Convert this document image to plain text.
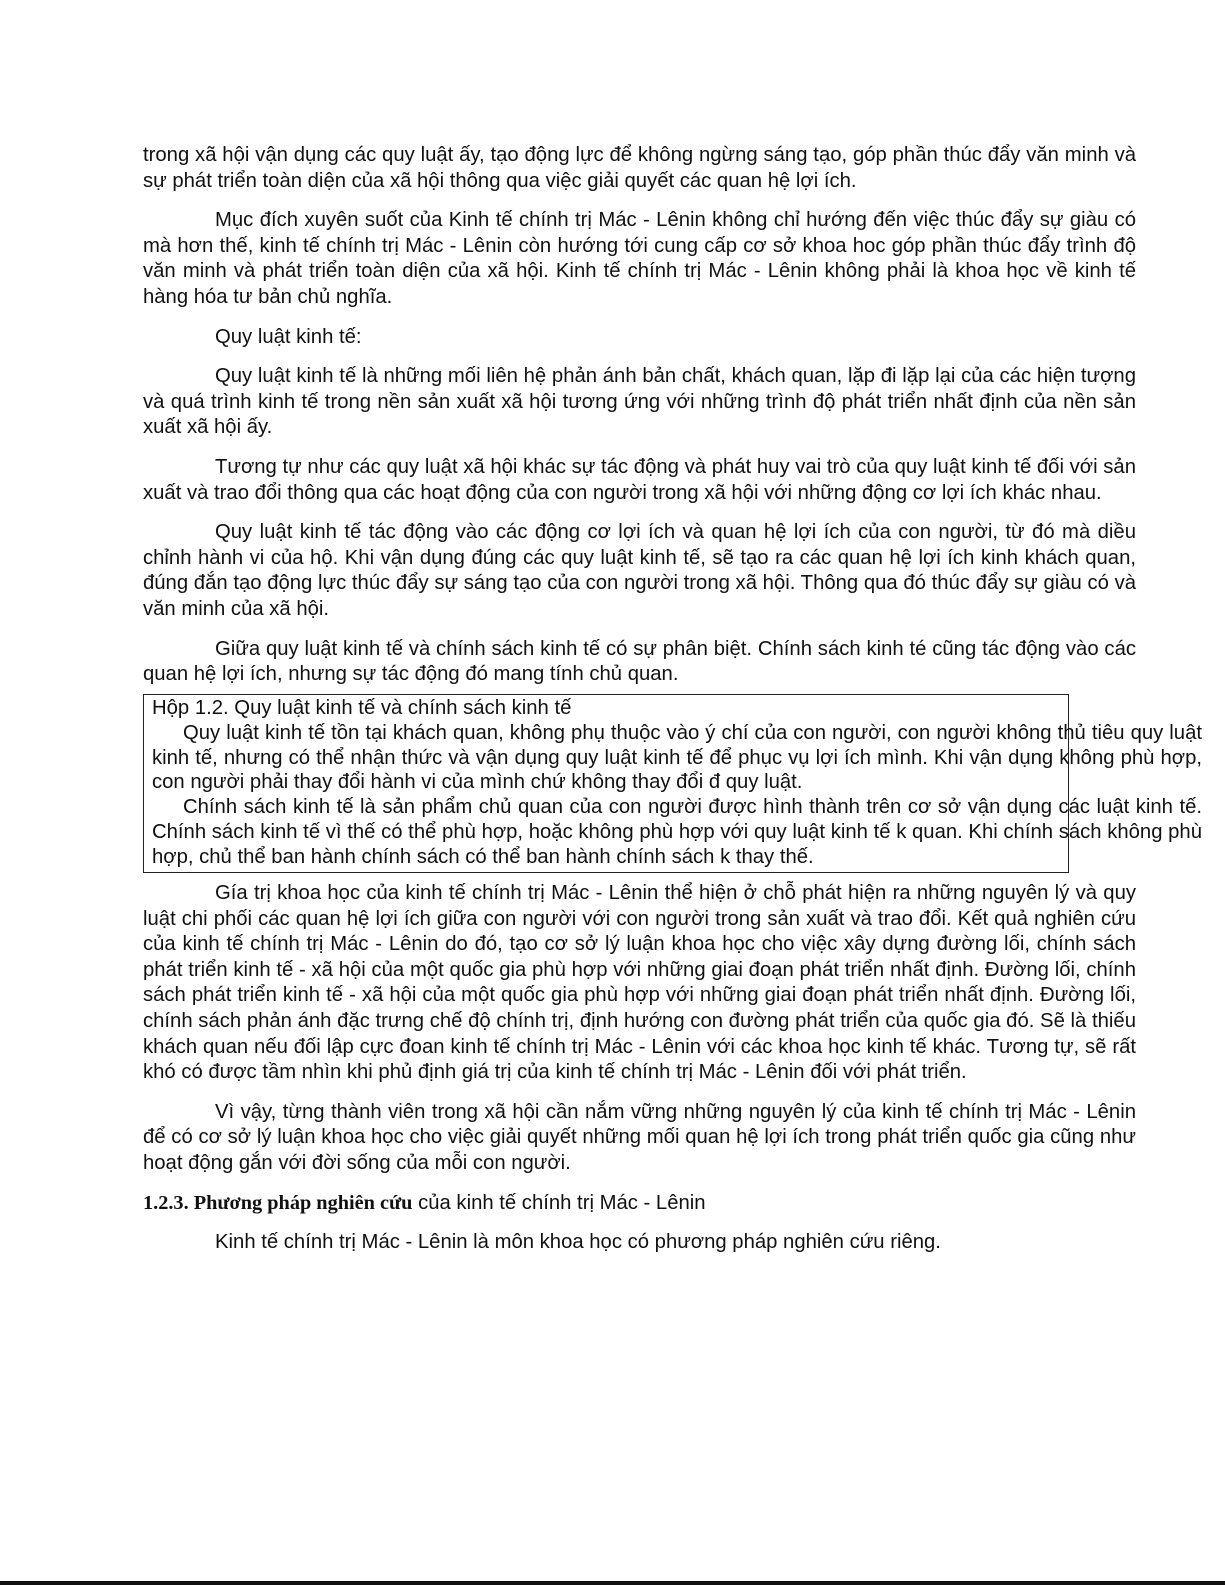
trong xã hội vận dụng các quy luật ấy, tạo động lực để không ngừng sáng tạo, góp phần thúc đẩy văn minh và sự phát triển toàn diện của xã hội thông qua việc giải quyết các quan hệ lợi ích.

Mục đích xuyên suốt của Kinh tế chính trị Mác - Lênin không chỉ hướng đến việc thúc đẩy sự giàu có mà hơn thế, kinh tế chính trị Mác - Lênin còn hướng tới cung cấp cơ sở khoa hoc góp phần thúc đẩy trình độ văn minh và phát triển toàn diện của xã hội. Kinh tế chính trị Mác - Lênin không phải là khoa học về kinh tế hàng hóa tư bản chủ nghĩa.

Quy luật kinh tế:

Quy luật kinh tế là những mối liên hệ phản ánh bản chất, khách quan, lặp đi lặp lại của các hiện tượng và quá trình kinh tế trong nền sản xuất xã hội tương ứng với những trình độ phát triển nhất định của nền sản xuất xã hội ấy.

Tương tự như các quy luật xã hội khác sự tác động và phát huy vai trò của quy luật kinh tế đối với sản xuất và trao đổi thông qua các hoạt động của con người trong xã hội với những động cơ lợi ích khác nhau.

Quy luật kinh tế tác động vào các động cơ lợi ích và quan hệ lợi ích của con người, từ đó mà diều chỉnh hành vi của hộ. Khi vận dụng đúng các quy luật kinh tế, sẽ tạo ra các quan hệ lợi ích kinh khách quan, đúng đắn tạo động lực thúc đẩy sự sáng tạo của con người trong xã hội. Thông qua đó thúc đẩy sự giàu có và văn minh của xã hội.

Giữa quy luật kinh tế và chính sách kinh tế có sự phân biệt. Chính sách kinh té cũng tác động vào các quan hệ lợi ích, nhưng sự tác động đó mang tính chủ quan.

Hộp 1.2. Quy luật kinh tế và chính sách kinh tế

Quy luật kinh tế tồn tại khách quan, không phụ thuộc vào ý chí của con người, con người không thủ tiêu quy luật kinh tế, nhưng có thể nhận thức và vận dụng quy luật kinh tế để phục vụ lợi ích mình. Khi vận dụng không phù hợp, con người phải thay đổi hành vi của mình chứ không thay đổi đ quy luật.

Chính sách kinh tế là sản phẩm chủ quan của con người được hình thành trên cơ sở vận dụng các luật kinh tế. Chính sách kinh tế vì thế có thể phù hợp, hoặc không phù hợp với quy luật kinh tế k quan. Khi chính sách không phù hợp, chủ thể ban hành chính sách có thể ban hành chính sách k thay thế.

Gía trị khoa học của kinh tế chính trị Mác - Lênin thể hiện ở chỗ phát hiện ra những nguyên lý và quy luật chi phối các quan hệ lợi ích giữa con người với con người trong sản xuất và trao đổi. Kết quả nghiên cứu của kinh tế chính trị Mác - Lênin do đó, tạo cơ sở lý luận khoa học cho việc xây dựng đường lối, chính sách phát triển kinh tế - xã hội của một quốc gia phù hợp với những giai đoạn phát triển nhất định. Đường lối, chính sách phát triển kinh tế - xã hội của một quốc gia phù hợp với những giai đoạn phát triển nhất định. Đường lối, chính sách phản ánh đặc trưng chế độ chính trị, định hướng con đường phát triển của quốc gia đó. Sẽ là thiếu khách quan nếu đối lập cực đoan kinh tế chính trị Mác - Lênin với các khoa học kinh tế khác. Tương tự, sẽ rất khó có được tầm nhìn khi phủ định giá trị của kinh tế chính trị Mác - Lênin đối với phát triển.

Vì vậy, từng thành viên trong xã hội cần nắm vững những nguyên lý của kinh tế chính trị Mác - Lênin để có cơ sở lý luận khoa học cho việc giải quyết những mối quan hệ lợi ích trong phát triển quốc gia cũng như hoạt động gắn với đời sống của mỗi con người.

1.2.3. Phương pháp nghiên cứu của kinh tế chính trị Mác - Lênin

Kinh tế chính trị Mác - Lênin là môn khoa học có phương pháp nghiên cứu riêng.
